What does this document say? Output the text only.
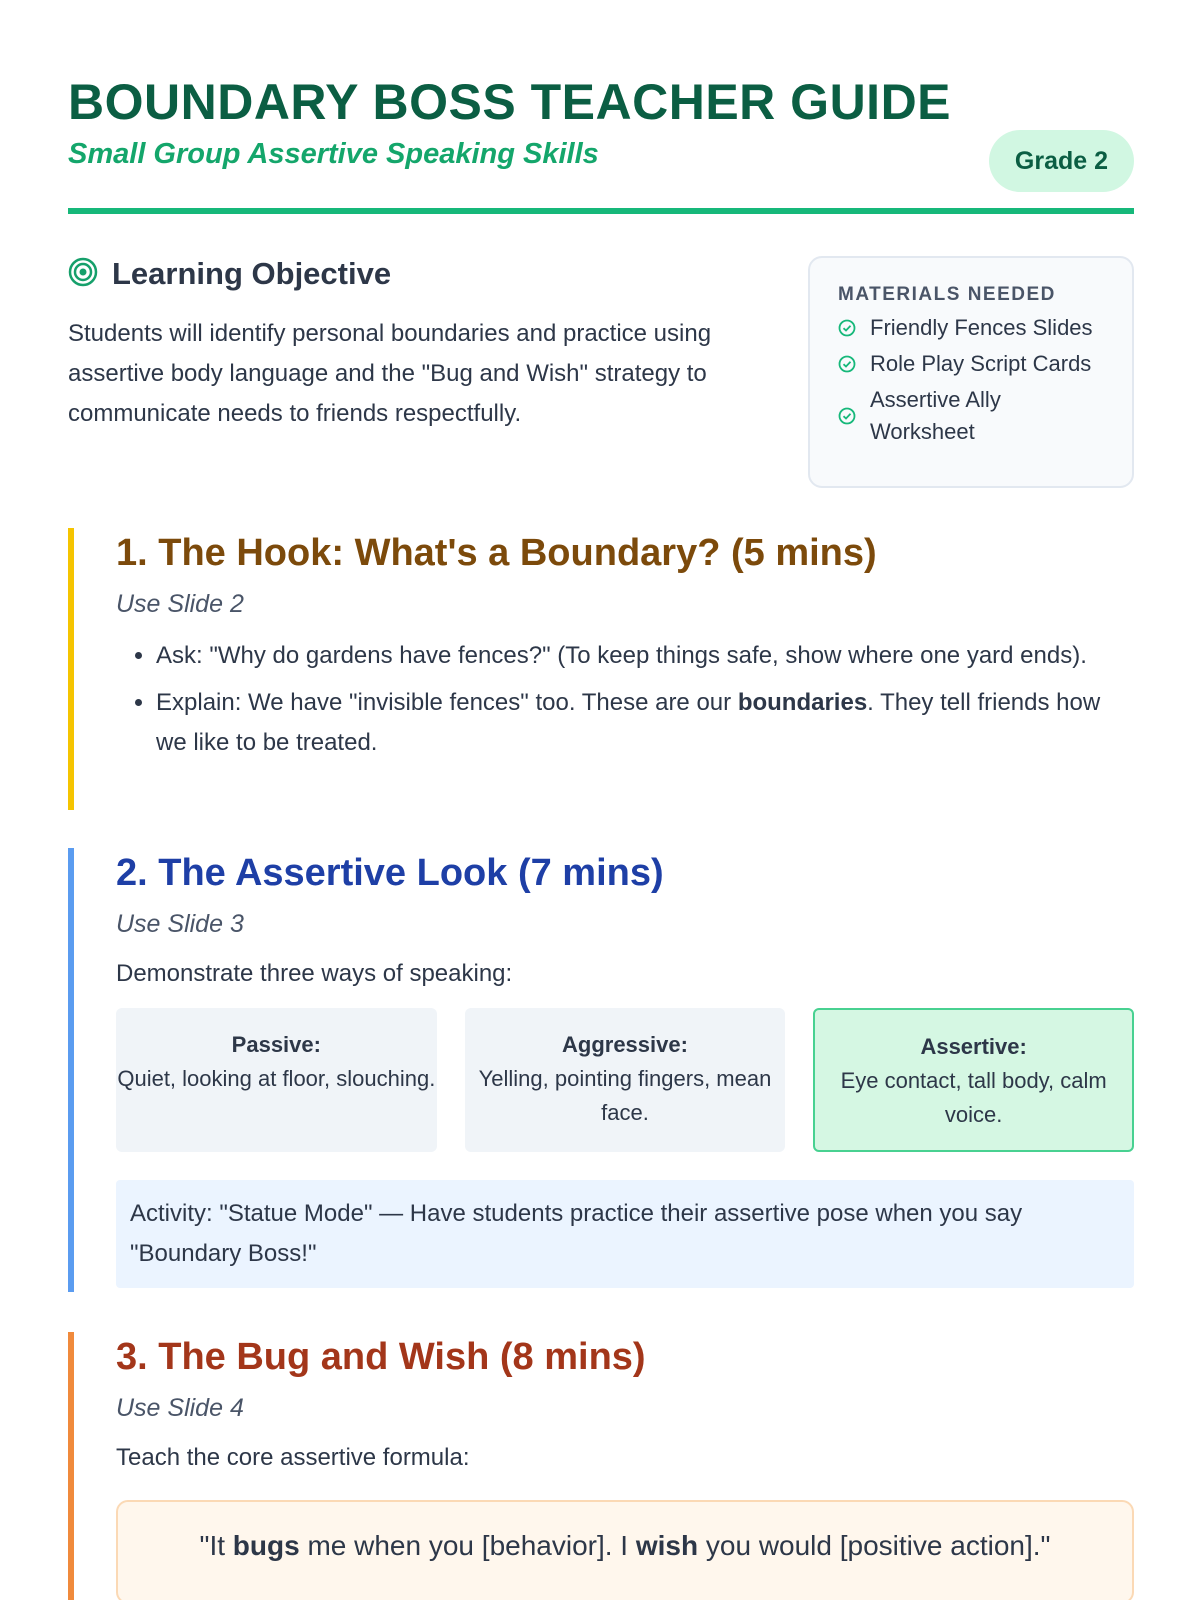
BOUNDARY BOSS TEACHER GUIDE
Small Group Assertive Speaking Skills	Grade 2
Learning Objective

Students will identify personal boundaries and practice using assertive body language and the "Bug and Wish" strategy to communicate needs to friends respectfully.

MATERIALS NEEDED
Friendly Fences Slides
Role Play Script Cards
Assertive Ally Worksheet
1. The Hook: What's a Boundary? (5 mins)
Use Slide 2
• Ask: "Why do gardens have fences?" (To keep things safe, show where one yard ends).
• Explain: We have "invisible fences" too. These are our boundaries. They tell friends how we like to be treated.
2. The Assertive Look (7 mins)
Use Slide 3

Demonstrate three ways of speaking:

Passive:
Quiet, looking at floor, slouching.
Aggressive:
Yelling, pointing fingers, mean face.
Assertive:
Eye contact, tall body, calm voice.
Activity: "Statue Mode" — Have students practice their assertive pose when you say "Boundary Boss!"
3. The Bug and Wish (8 mins)
Use Slide 4

Teach the core assertive formula:

"It bugs me when you [behavior]. I wish you would [positive action]."
